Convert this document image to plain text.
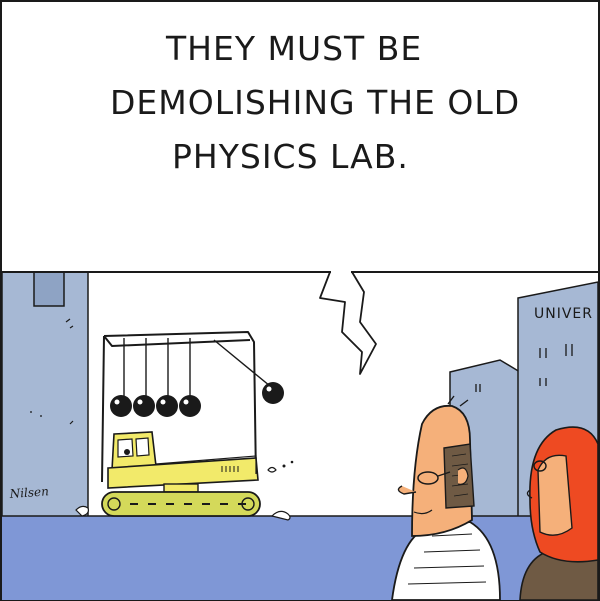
THEY MUST BE
DEMOLISHING THE OLD
PHYSICS LAB.
UNIVER
Nilsen
